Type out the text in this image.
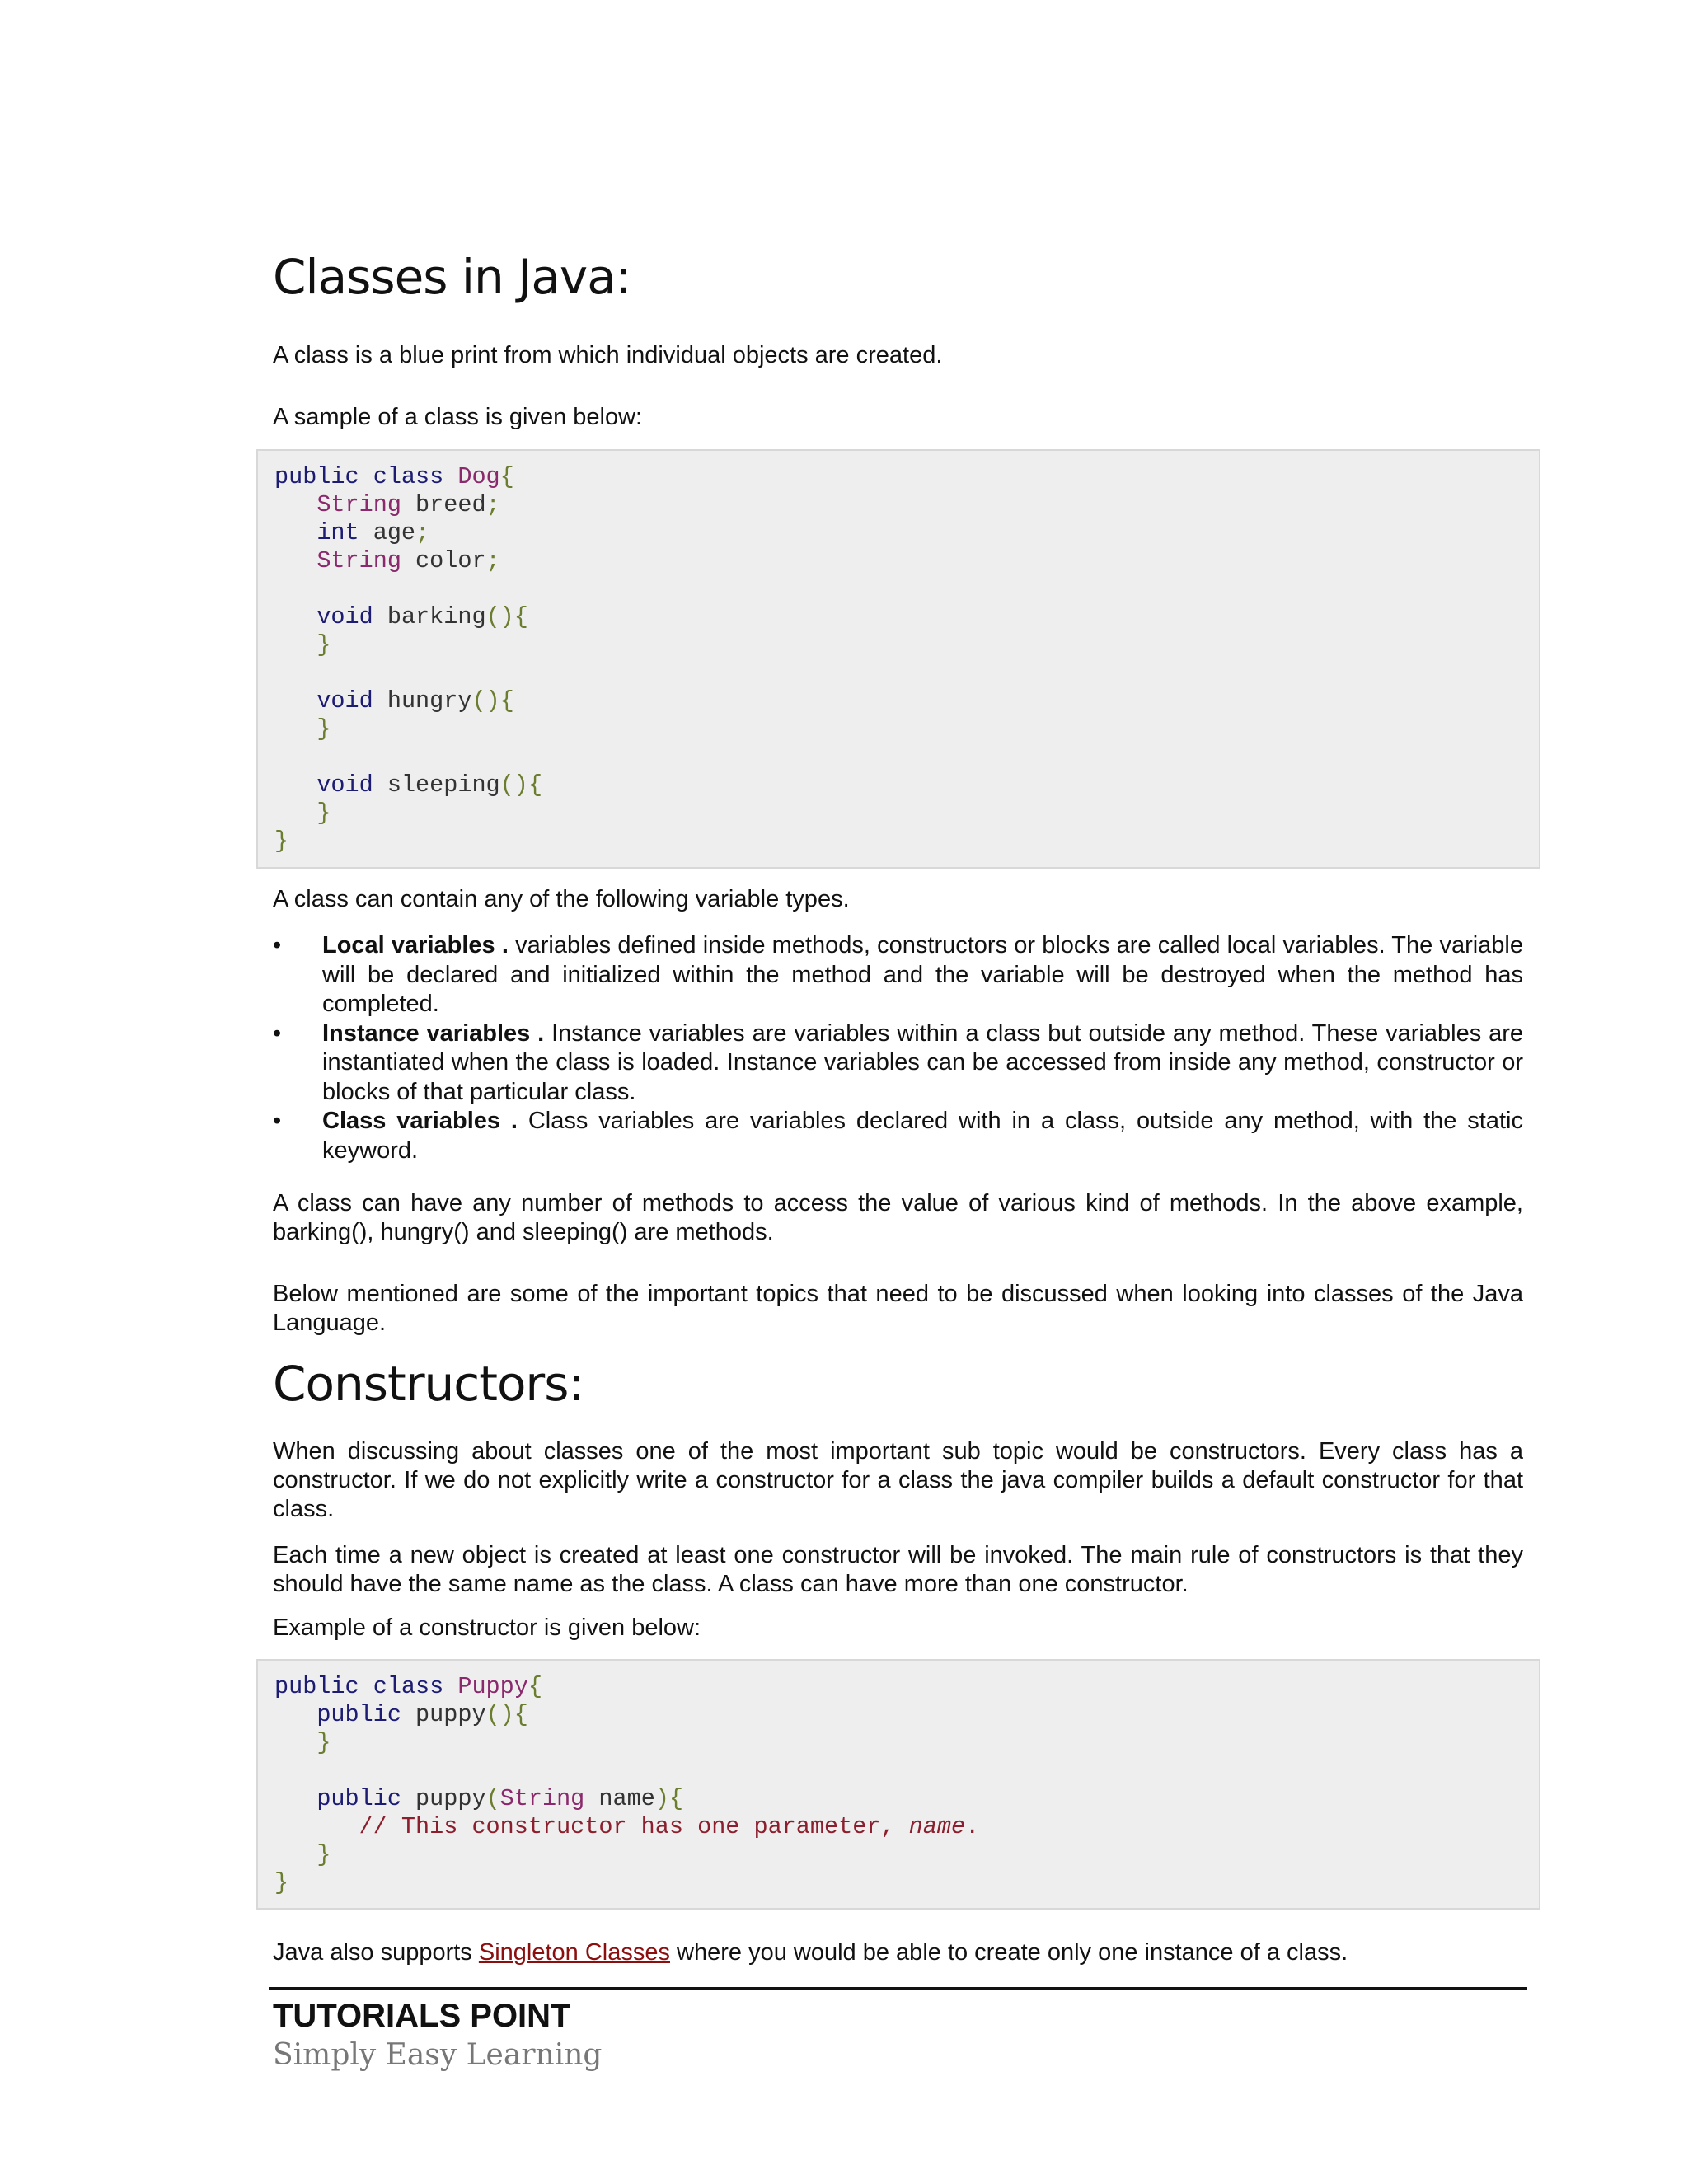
Classes in Java:
A class is a blue print from which individual objects are created.
A sample of a class is given below:
public class Dog{
String breed;
int age;
String color;

void barking(){
}

void hungry(){
}

void sleeping(){
}
}
A class can contain any of the following variable types.
• Local variables . variables defined inside methods, constructors or blocks are called local variables. The variable will be declared and initialized within the method and the variable will be destroyed when the method has completed.
• Instance variables . Instance variables are variables within a class but outside any method. These variables are instantiated when the class is loaded. Instance variables can be accessed from inside any method, constructor or blocks of that particular class.
• Class variables . Class variables are variables declared with in a class, outside any method, with the static keyword.
A class can have any number of methods to access the value of various kind of methods. In the above example, barking(), hungry() and sleeping() are methods.
Below mentioned are some of the important topics that need to be discussed when looking into classes of the Java Language.
Constructors:
When discussing about classes one of the most important sub topic would be constructors. Every class has a constructor. If we do not explicitly write a constructor for a class the java compiler builds a default constructor for that class.
Each time a new object is created at least one constructor will be invoked. The main rule of constructors is that they should have the same name as the class. A class can have more than one constructor.
Example of a constructor is given below:
public class Puppy{
public puppy(){
}

public puppy(String name){
// This constructor has one parameter, name.
}
}
Java also supports Singleton Classes where you would be able to create only one instance of a class.
TUTORIALS POINT
Simply Easy Learning
